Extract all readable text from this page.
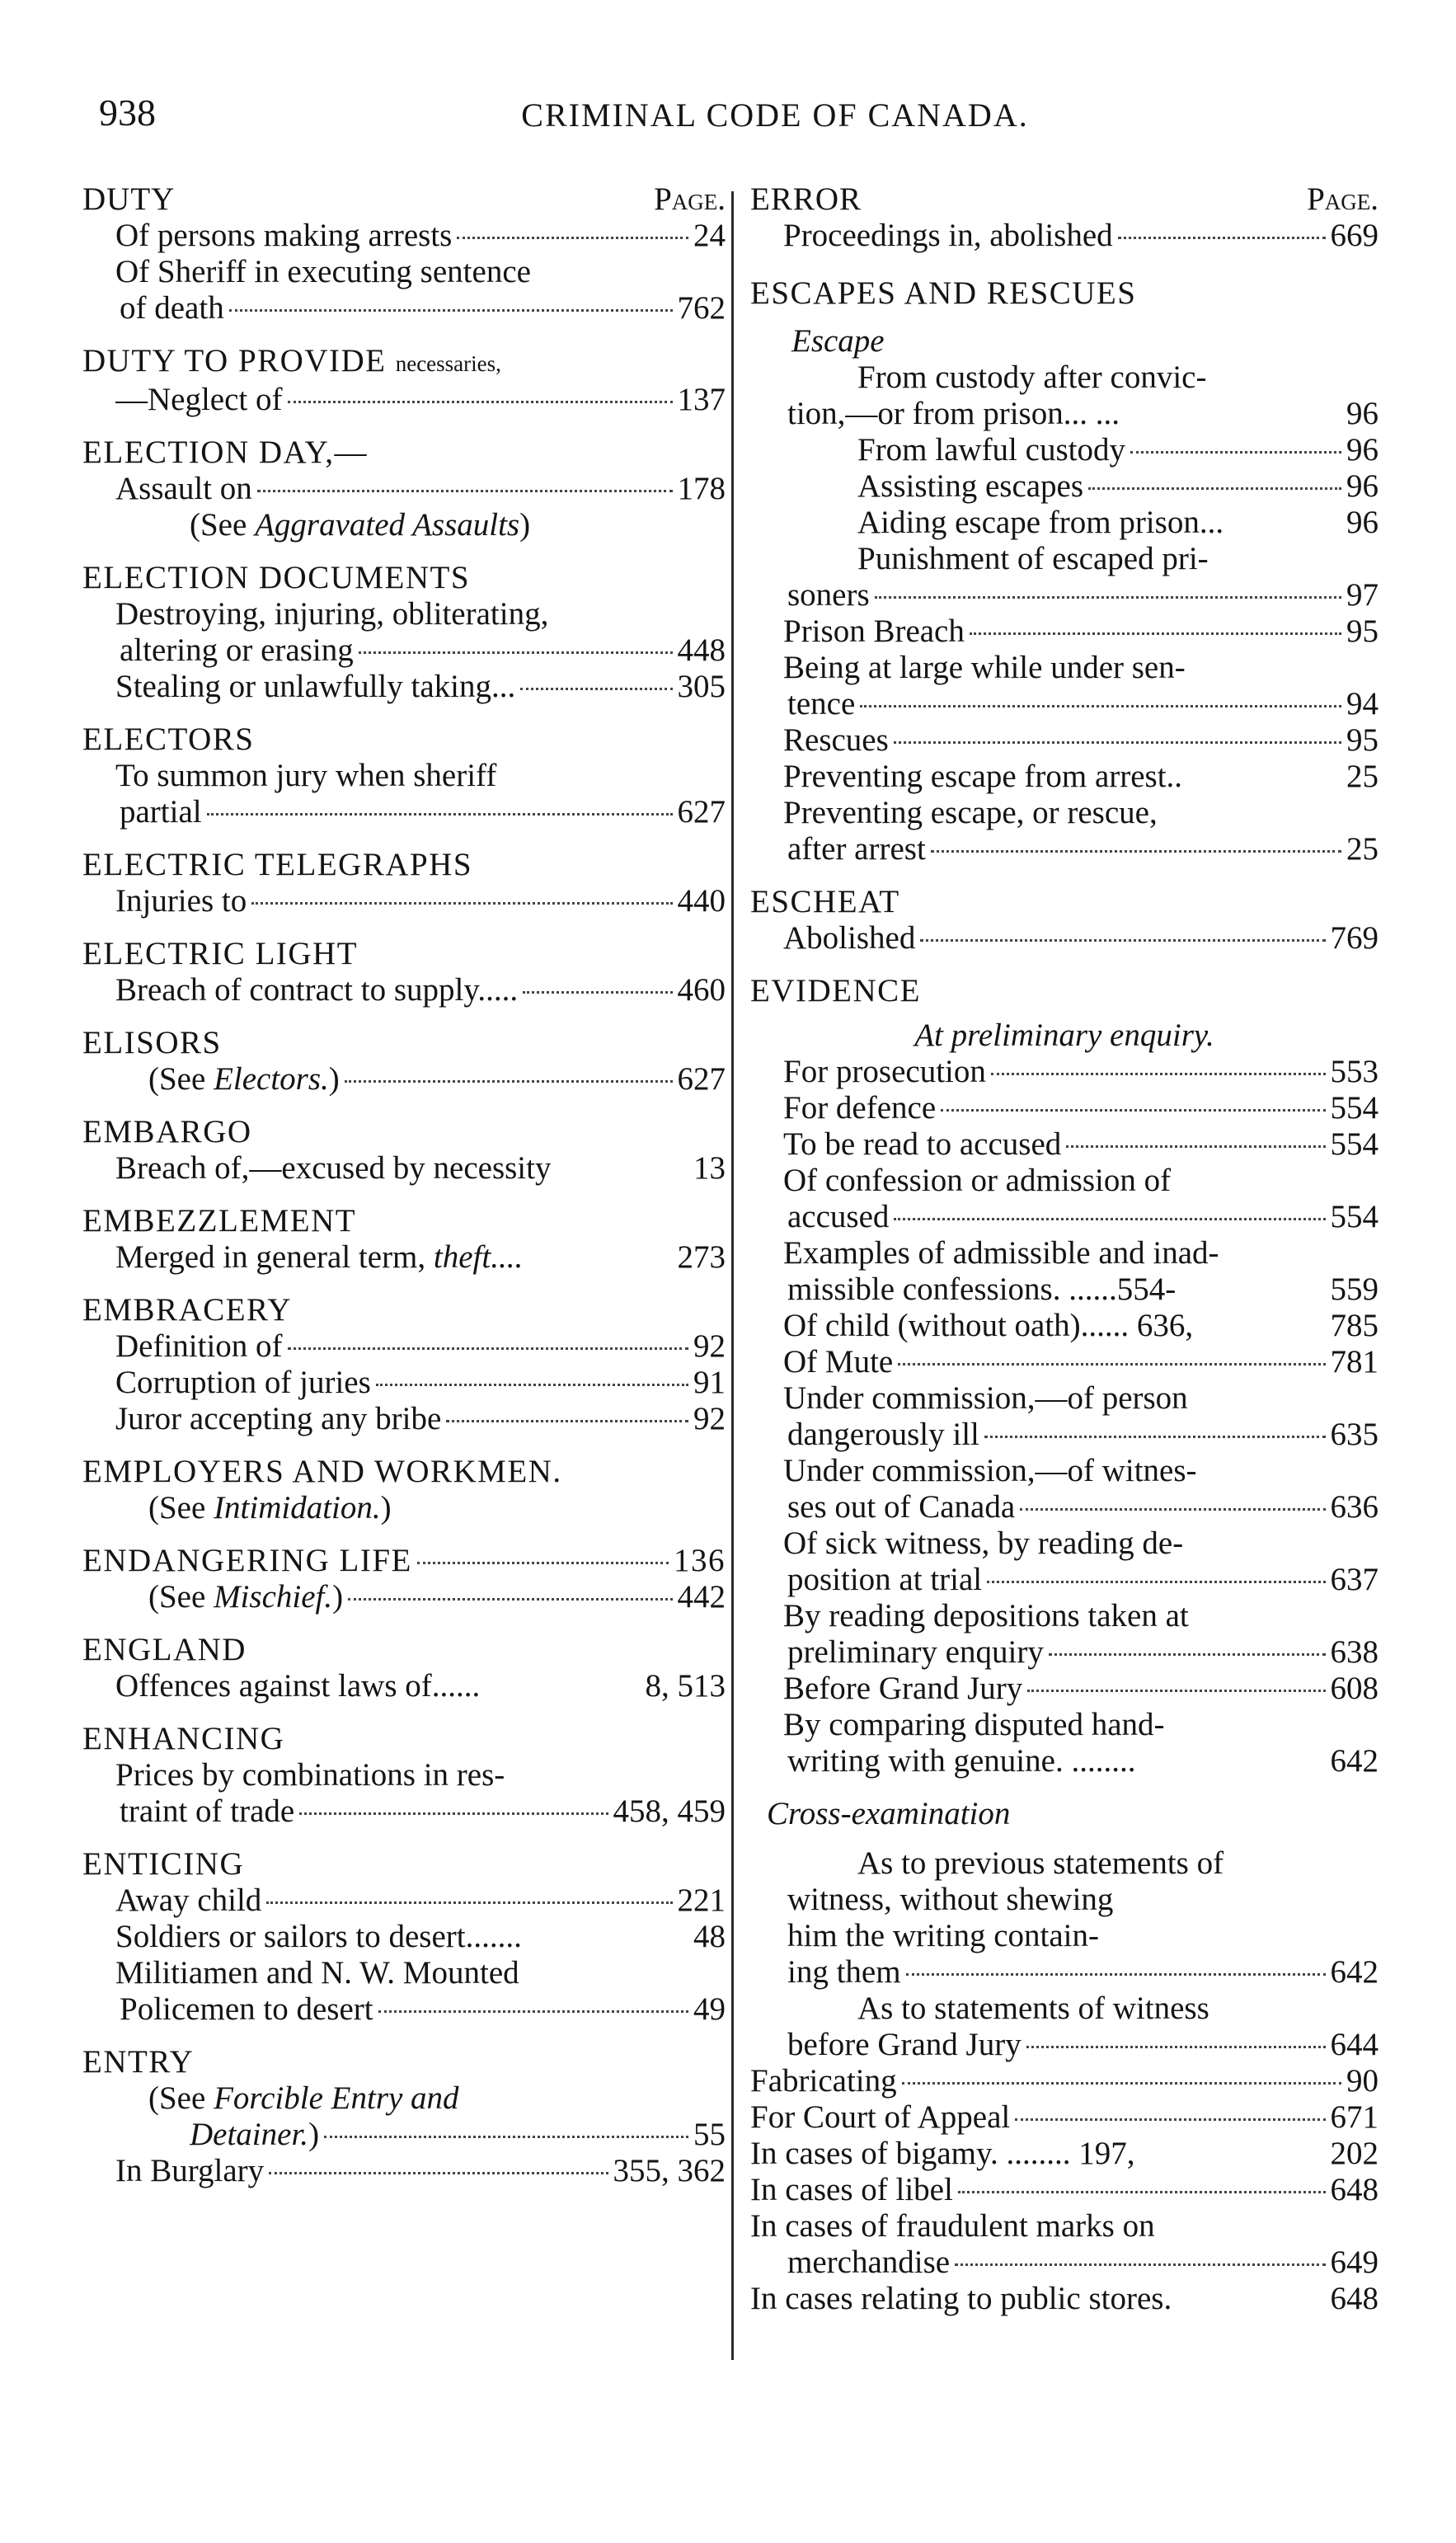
938	CRIMINAL CODE OF CANADA.
DUTY	Page.
Of persons making arrests	24
Of Sheriff in executing sentence
of death	762
DUTY TO PROVIDE necessaries,
—Neglect of	137
ELECTION DAY,—
Assault on	178
(See Aggravated Assaults)
ELECTION DOCUMENTS
Destroying, injuring, obliterating,
altering or erasing	448
Stealing or unlawfully taking...	305
ELECTORS
To summon jury when sheriff
partial	627
ELECTRIC TELEGRAPHS
Injuries to	440
ELECTRIC LIGHT
Breach of contract to supply.....	460
ELISORS
(See Electors.)	627
EMBARGO
Breach of,—excused by necessity	13
EMBEZZLEMENT
Merged in general term, theft....	273
EMBRACERY
Definition of	92
Corruption of juries	91
Juror accepting any bribe	92
EMPLOYERS AND WORKMEN.
(See Intimidation.)
ENDANGERING LIFE	136
(See Mischief.)	442
ENGLAND
Offences against laws of......	8, 513
ENHANCING
Prices by combinations in res-
traint of trade	458, 459
ENTICING
Away child	221
Soldiers or sailors to desert.......	48
Militiamen and N. W. Mounted
Policemen to desert	49
ENTRY
(See Forcible Entry and
Detainer.)	55
In Burglary	355, 362
ERROR	Page.
Proceedings in, abolished	669
ESCAPES AND RESCUES
Escape
From custody after convic-
tion,—or from prison... ...	96
From lawful custody	96
Assisting escapes	96
Aiding escape from prison...	96
Punishment of escaped pri-
soners	97
Prison Breach	95
Being at large while under sen-
tence	94
Rescues	95
Preventing escape from arrest..	25
Preventing escape, or rescue,
after arrest	25
ESCHEAT
Abolished	769
EVIDENCE
At preliminary enquiry.
For prosecution	553
For defence	554
To be read to accused	554
Of confession or admission of
accused	554
Examples of admissible and inad-
missible confessions. ......554-	559
Of child (without oath)...... 636,	785
Of Mute	781
Under commission,—of person
dangerously ill	635
Under commission,—of witnes-
ses out of Canada	636
Of sick witness, by reading de-
position at trial	637
By reading depositions taken at
preliminary enquiry	638
Before Grand Jury	608
By comparing disputed hand-
writing with genuine. ........	642
Cross-examination
As to previous statements of
witness, without shewing
him the writing contain-
ing them	642
As to statements of witness
before Grand Jury	644
Fabricating	90
For Court of Appeal	671
In cases of bigamy. ........ 197,	202
In cases of libel	648
In cases of fraudulent marks on
merchandise	649
In cases relating to public stores.	648
